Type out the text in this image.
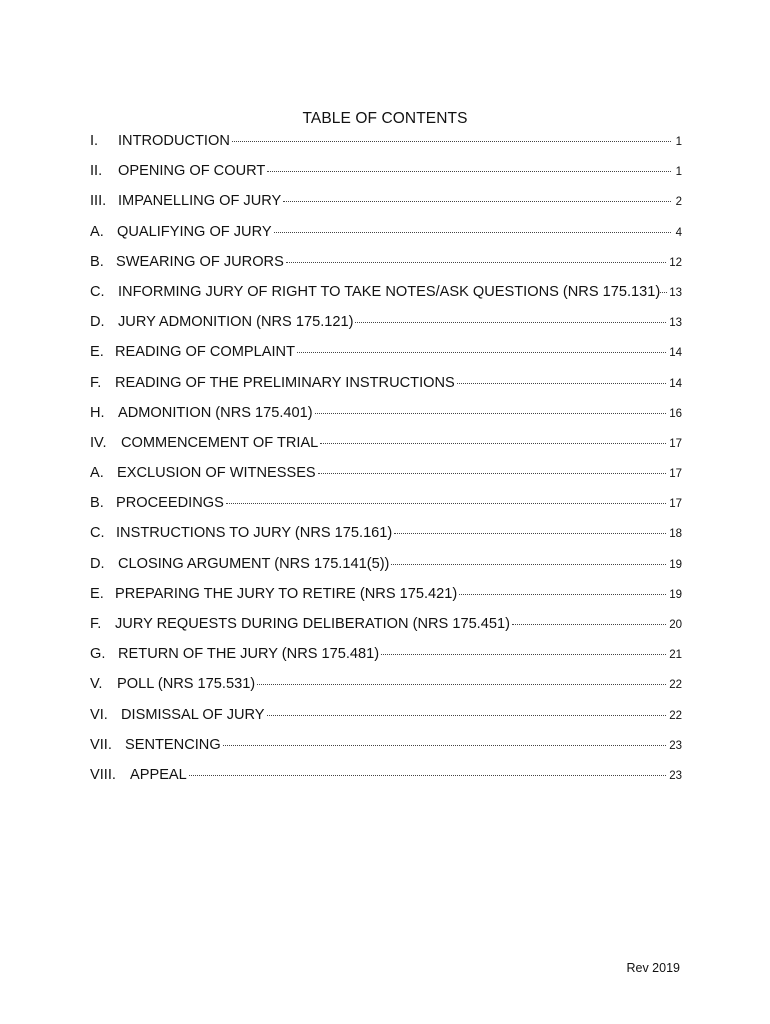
TABLE OF CONTENTS
I. INTRODUCTION	1
II. OPENING OF COURT	1
III. IMPANELLING OF JURY	2
A. QUALIFYING OF JURY	4
B. SWEARING OF JURORS	12
C. INFORMING JURY OF RIGHT TO TAKE NOTES/ASK QUESTIONS (NRS 175.131) 13
D. JURY ADMONITION (NRS 175.121)	13
E. READING OF COMPLAINT	14
F. READING OF THE PRELIMINARY INSTRUCTIONS	14
H. ADMONITION (NRS 175.401)	16
IV. COMMENCEMENT OF TRIAL	17
A. EXCLUSION OF WITNESSES	17
B. PROCEEDINGS	17
C. INSTRUCTIONS TO JURY (NRS 175.161)	18
D. CLOSING ARGUMENT (NRS 175.141(5))	19
E. PREPARING THE JURY TO RETIRE (NRS 175.421)	19
F. JURY REQUESTS DURING DELIBERATION (NRS 175.451)	20
G. RETURN OF THE JURY (NRS 175.481)	21
V. POLL (NRS 175.531)	22
VI. DISMISSAL OF JURY	22
VII. SENTENCING	23
VIII. APPEAL	23
Rev 2019
